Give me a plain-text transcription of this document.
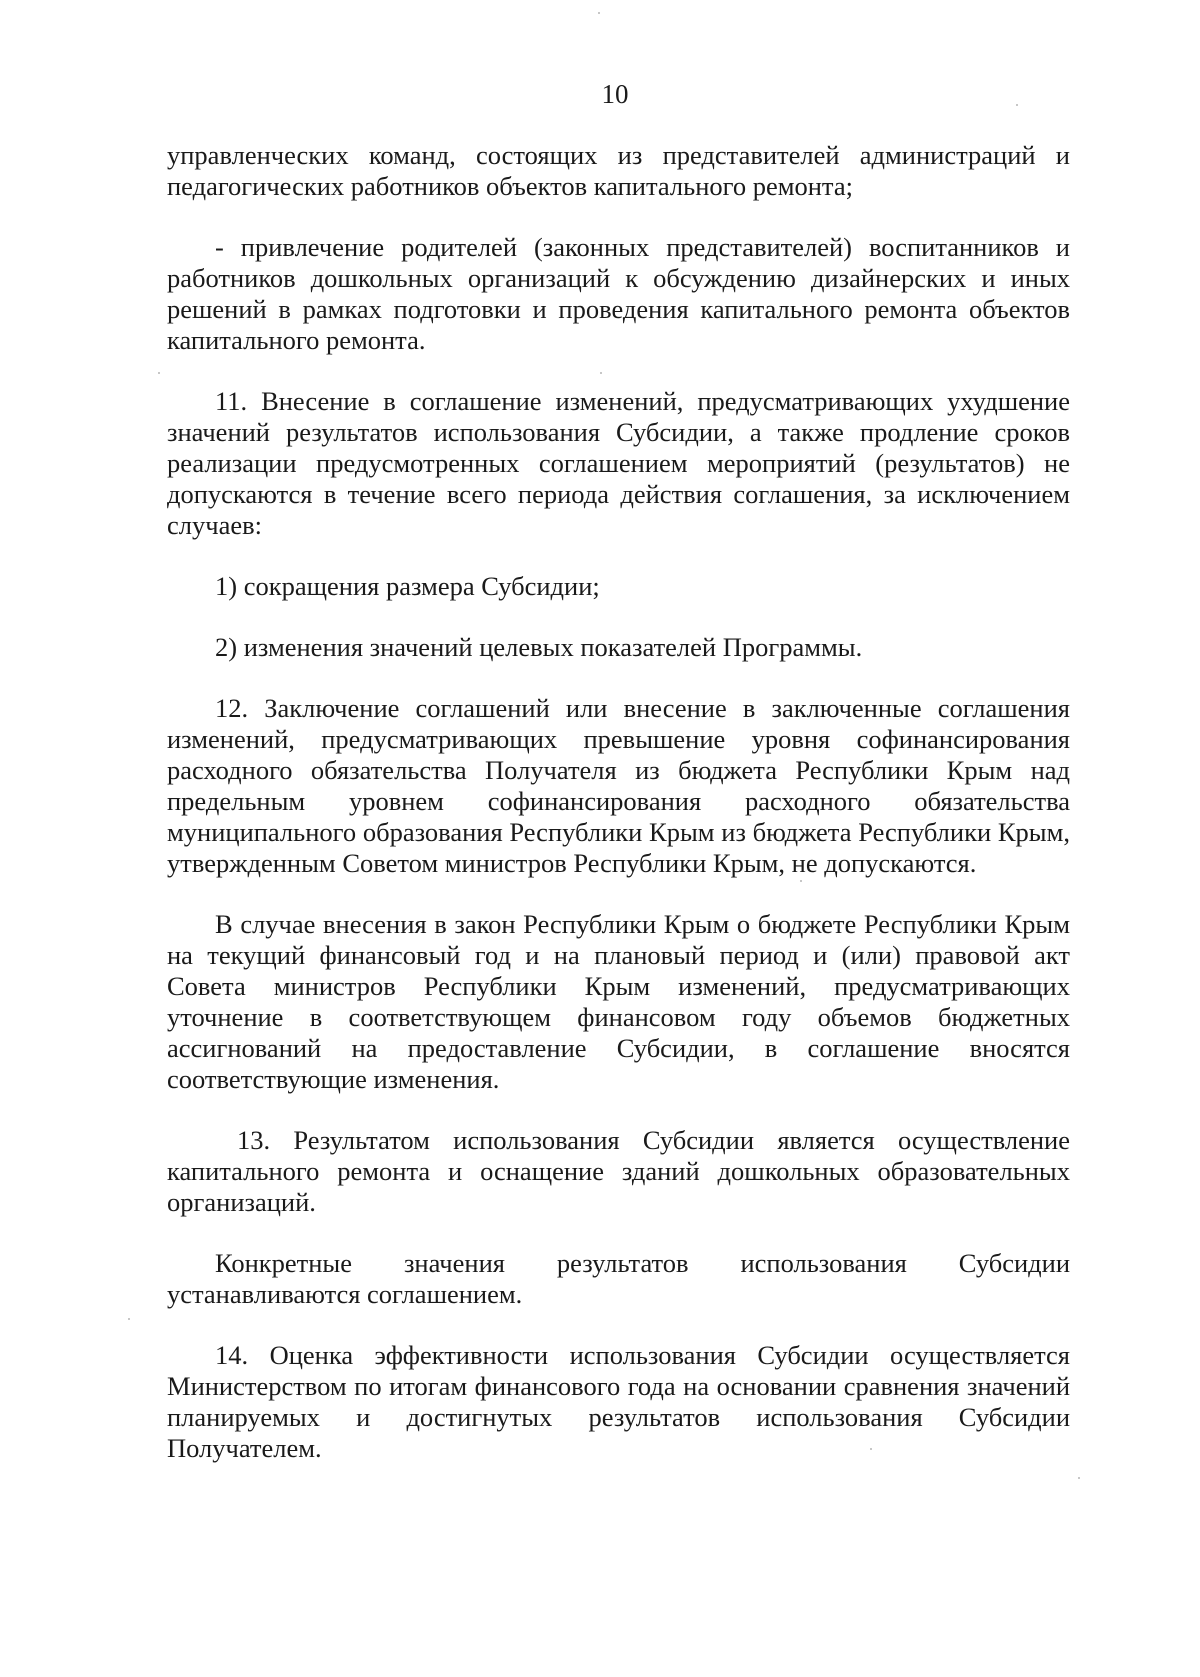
10

управленческих команд, состоящих из представителей администраций и педагогических работников объектов капитального ремонта;

- привлечение родителей (законных представителей) воспитанников и работников дошкольных организаций к обсуждению дизайнерских и иных решений в рамках подготовки и проведения капитального ремонта объектов капитального ремонта.

11. Внесение в соглашение изменений, предусматривающих ухудшение значений результатов использования Субсидии, а также продление сроков реализации предусмотренных соглашением мероприятий (результатов) не допускаются в течение всего периода действия соглашения, за исключением случаев:

1) сокращения размера Субсидии;

2) изменения значений целевых показателей Программы.

12. Заключение соглашений или внесение в заключенные соглашения изменений, предусматривающих превышение уровня софинансирования расходного обязательства Получателя из бюджета Республики Крым над предельным уровнем софинансирования расходного обязательства муниципального образования Республики Крым из бюджета Республики Крым, утвержденным Советом министров Республики Крым, не допускаются.

В случае внесения в закон Республики Крым о бюджете Республики Крым на текущий финансовый год и на плановый период и (или) правовой акт Совета министров Республики Крым изменений, предусматривающих уточнение в соответствующем финансовом году объемов бюджетных ассигнований на предоставление Субсидии, в соглашение вносятся соответствующие изменения.

13. Результатом использования Субсидии является осуществление капитального ремонта и оснащение зданий дошкольных образовательных организаций.

Конкретные значения результатов использования Субсидии устанавливаются соглашением.

14. Оценка эффективности использования Субсидии осуществляется Министерством по итогам финансового года на основании сравнения значений планируемых и достигнутых результатов использования Субсидии Получателем.
